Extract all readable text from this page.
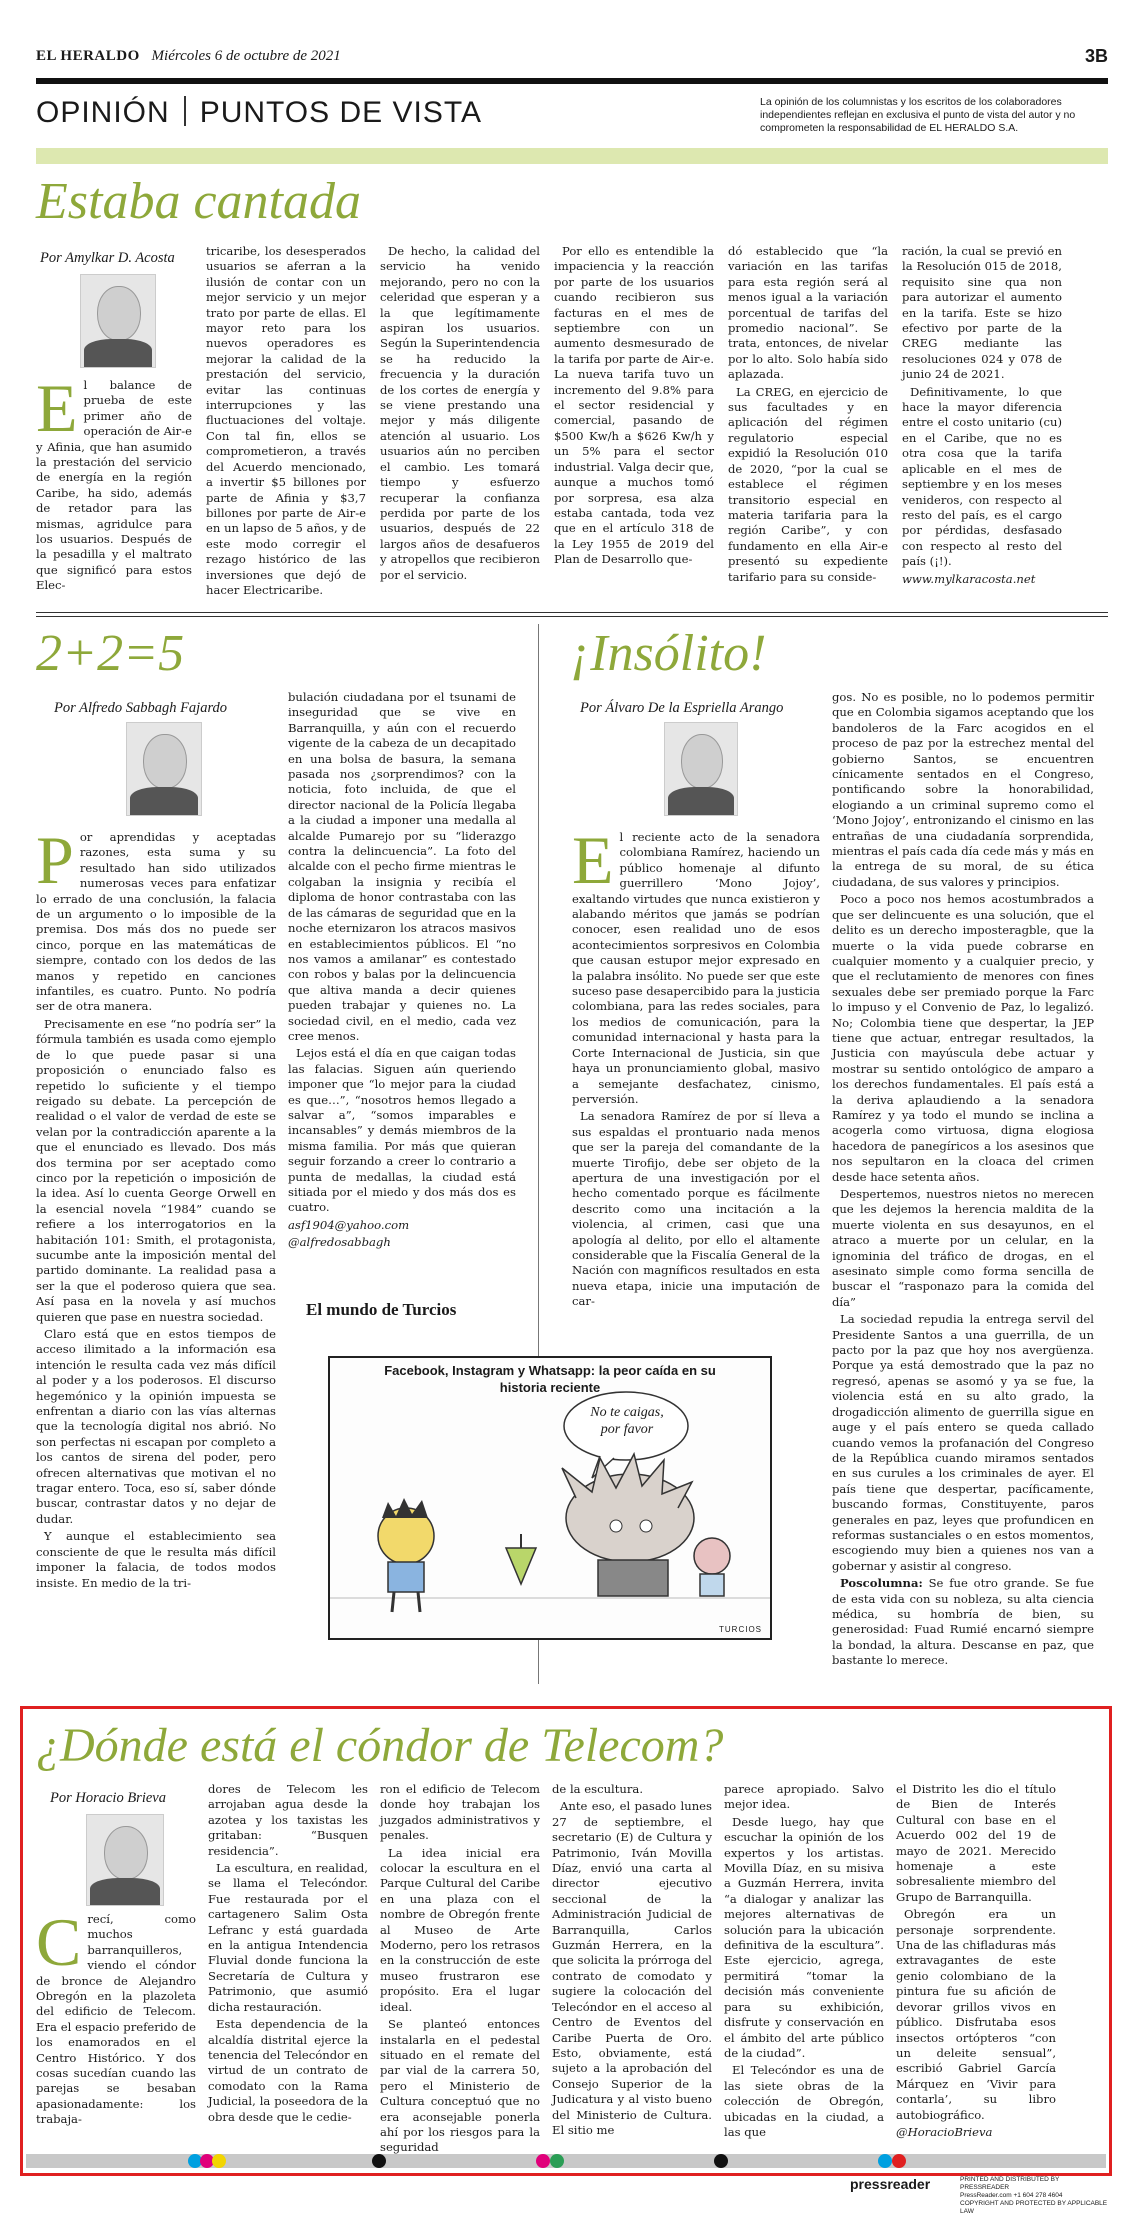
EL HERALDO Miércoles 6 de octubre de 2021	3B
OPINIÓN PUNTOS DE VISTA	La opinión de los columnistas y los escritos de los colaboradores independientes reflejan en exclusiva el punto de vista del autor y no comprometen la responsabilidad de EL HERALDO S.A.
Estaba cantada
Por Amylkar D. Acosta
E l balance de prueba de este primer año de operación de Air-e y Afinia, que han asumido la prestación del servicio de energía en la región Caribe, ha sido, además de retador para las mismas, agridulce para los usuarios. Después de la pesadilla y el maltrato que significó para estos Elec-

tricaribe, los desesperados usuarios se aferran a la ilusión de contar con un mejor servicio y un mejor trato por parte de ellas. El mayor reto para los nuevos operadores es mejorar la calidad de la prestación del servicio, evitar las continuas interrupciones y las fluctuaciones del voltaje. Con tal fin, ellos se comprometieron, a través del Acuerdo mencionado, a invertir $5 billones por parte de Afinia y $3,7 billones por parte de Air-e en un lapso de 5 años, y de este modo corregir el rezago histórico de las inversiones que dejó de hacer Electricaribe.

De hecho, la calidad del servicio ha venido mejorando, pero no con la celeridad que esperan y a la que legítimamente aspiran los usuarios. Según la Superintendencia se ha reducido la frecuencia y la duración de los cortes de energía y se viene prestando una mejor y más diligente atención al usuario. Los usuarios aún no perciben el cambio. Les tomará tiempo y esfuerzo recuperar la confianza perdida por parte de los usuarios, después de 22 largos años de desafueros y atropellos que recibieron por el servicio.

Por ello es entendible la impaciencia y la reacción por parte de los usuarios cuando recibieron sus facturas en el mes de septiembre con un aumento desmesurado de la tarifa por parte de Air-e. La nueva tarifa tuvo un incremento del 9.8% para el sector residencial y comercial, pasando de $500 Kw/h a $626 Kw/h y un 5% para el sector industrial. Valga decir que, aunque a muchos tomó por sorpresa, esa alza estaba cantada, toda vez que en el artículo 318 de la Ley 1955 de 2019 del Plan de Desarrollo que-

dó establecido que “la variación en las tarifas para esta región será al menos igual a la variación porcentual de tarifas del promedio nacional”. Se trata, entonces, de nivelar por lo alto. Solo había sido aplazada.

La CREG, en ejercicio de sus facultades y en aplicación del régimen regulatorio especial expidió la Resolución 010 de 2020, “por la cual se establece el régimen transitorio especial en materia tarifaria para la región Caribe”, y con fundamento en ella Air-e presentó su expediente tarifario para su conside-

ración, la cual se previó en la Resolución 015 de 2018, requisito sine qua non para autorizar el aumento en la tarifa. Este se hizo efectivo por parte de la CREG mediante las resoluciones 024 y 078 de junio 24 de 2021.

Definitivamente, lo que hace la mayor diferencia entre el costo unitario (cu) en el Caribe, que no es otra cosa que la tarifa aplicable en el mes de septiembre y en los meses venideros, con respecto al resto del país, es el cargo por pérdidas, desfasado con respecto al resto del país (¡!).

www.mylkaracosta.net

2+2=5
Por Alfredo Sabbagh Fajardo
P or aprendidas y aceptadas razones, esta suma y su resultado han sido utilizados numerosas veces para enfatizar lo errado de una conclusión, la falacia de un argumento o lo imposible de la premisa. Dos más dos no puede ser cinco, porque en las matemáticas de siempre, contado con los dedos de las manos y repetido en canciones infantiles, es cuatro. Punto. No podría ser de otra manera.

Precisamente en ese “no podría ser” la fórmula también es usada como ejemplo de lo que puede pasar si una proposición o enunciado falso es repetido lo suficiente y el tiempo reigado su debate. La percepción de realidad o el valor de verdad de este se velan por la contradicción aparente a la que el enunciado es llevado. Dos más dos termina por ser aceptado como cinco por la repetición o imposición de la idea. Así lo cuenta George Orwell en la esencial novela “1984” cuando se refiere a los interrogatorios en la habitación 101: Smith, el protagonista, sucumbe ante la imposición mental del partido dominante. La realidad pasa a ser la que el poderoso quiera que sea. Así pasa en la novela y así muchos quieren que pase en nuestra sociedad.

Claro está que en estos tiempos de acceso ilimitado a la información esa intención le resulta cada vez más difícil al poder y a los poderosos. El discurso hegemónico y la opinión impuesta se enfrentan a diario con las vías alternas que la tecnología digital nos abrió. No son perfectas ni escapan por completo a los cantos de sirena del poder, pero ofrecen alternativas que motivan el no tragar entero. Toca, eso sí, saber dónde buscar, contrastar datos y no dejar de dudar.

Y aunque el establecimiento sea consciente de que le resulta más difícil imponer la falacia, de todos modos insiste. En medio de la tri-

bulación ciudadana por el tsunami de inseguridad que se vive en Barranquilla, y aún con el recuerdo vigente de la cabeza de un decapitado en una bolsa de basura, la semana pasada nos ¿sorprendimos? con la noticia, foto incluida, de que el director nacional de la Policía llegaba a la ciudad a imponer una medalla al alcalde Pumarejo por su “liderazgo contra la delincuencia”. La foto del alcalde con el pecho firme mientras le colgaban la insignia y recibía el diploma de honor contrastaba con las de las cámaras de seguridad que en la noche eternizaron los atracos masivos en establecimientos públicos. El “no nos vamos a amilanar” es contestado con robos y balas por la delincuencia que altiva manda a decir quienes pueden trabajar y quienes no. La sociedad civil, en el medio, cada vez cree menos.

Lejos está el día en que caigan todas las falacias. Siguen aún queriendo imponer que “lo mejor para la ciudad es que…”, “nosotros hemos llegado a salvar a”, “somos imparables e incansables” y demás miembros de la misma familia. Por más que quieran seguir forzando a creer lo contrario a punta de medallas, la ciudad está sitiada por el miedo y dos más dos es cuatro.

asf1904@yahoo.com

@alfredosabbagh

¡Insólito!
Por Álvaro De la Espriella Arango
E l reciente acto de la senadora colombiana Ramírez, haciendo un público homenaje al difunto guerrillero ‘Mono Jojoy’, exaltando virtudes que nunca existieron y alabando méritos que jamás se podrían conocer, esen realidad uno de esos acontecimientos sorpresivos en Colombia que causan estupor mejor expresado en la palabra insólito. No puede ser que este suceso pase desapercibido para la justicia colombiana, para las redes sociales, para los medios de comunicación, para la comunidad internacional y hasta para la Corte Internacional de Justicia, sin que haya un pronunciamiento global, masivo a semejante desfachatez, cinismo, perversión.

La senadora Ramírez de por sí lleva a sus espaldas el prontuario nada menos que ser la pareja del comandante de la muerte Tirofijo, debe ser objeto de la apertura de una investigación por el hecho comentado porque es fácilmente descrito como una incitación a la violencia, al crimen, casi que una apología al delito, por ello el altamente considerable que la Fiscalía General de la Nación con magníficos resultados en esta nueva etapa, inicie una imputación de car-

gos. No es posible, no lo podemos permitir que en Colombia sigamos aceptando que los bandoleros de la Farc acogidos en el proceso de paz por la estrechez mental del gobierno Santos, se encuentren cínicamente sentados en el Congreso, pontificando sobre la honorabilidad, elogiando a un criminal supremo como el ‘Mono Jojoy’, entronizando el cinismo en las entrañas de una ciudadanía sorprendida, mientras el país cada día cede más y más en la entrega de su moral, de su ética ciudadana, de sus valores y principios.

Poco a poco nos hemos acostumbrados a que ser delincuente es una solución, que el delito es un derecho imposteragble, que la muerte o la vida puede cobrarse en cualquier momento y a cualquier precio, y que el reclutamiento de menores con fines sexuales debe ser premiado porque la Farc lo impuso y el Convenio de Paz, lo legalizó. No; Colombia tiene que despertar, la JEP tiene que actuar, entregar resultados, la Justicia con mayúscula debe actuar y mostrar su sentido ontológico de amparo a los derechos fundamentales. El país está a la deriva aplaudiendo a la senadora Ramírez y ya todo el mundo se inclina a acogerla como virtuosa, digna elogiosa hacedora de panegíricos a los asesinos que nos sepultaron en la cloaca del crimen desde hace setenta años.

Despertemos, nuestros nietos no merecen que les dejemos la herencia maldita de la muerte violenta en sus desayunos, en el atraco a muerte por un celular, en la ignominia del tráfico de drogas, en el asesinato simple como forma sencilla de buscar el “rasponazo para la comida del día”

La sociedad repudia la entrega servil del Presidente Santos a una guerrilla, de un pacto por la paz que hoy nos avergüenza. Porque ya está demostrado que la paz no regresó, apenas se asomó y ya se fue, la violencia está en su alto grado, la drogadicción alimento de guerrilla sigue en auge y el país entero se queda callado cuando vemos la profanación del Congreso de la República cuando miramos sentados en sus curules a los criminales de ayer. El país tiene que despertar, pacíficamente, buscando formas, Constituyente, paros generales en paz, leyes que profundicen en reformas sustanciales o en estos momentos, escogiendo muy bien a quienes nos van a gobernar y asistir al congreso.

Poscolumna: Se fue otro grande. Se fue de esta vida con su nobleza, su alta ciencia médica, su hombría de bien, su generosidad: Fuad Rumié encarnó siempre la bondad, la altura. Descanse en paz, que bastante lo merece.

El mundo de Turcios
Facebook, Instagram y Whatsapp: la peor caída en su
historia reciente
No te caigas,
por favor
TURCIOS
¿Dónde está el cóndor de Telecom?
Por Horacio Brieva
C recí, como muchos barranquilleros, viendo el cóndor de bronce de Alejandro Obregón en la plazoleta del edificio de Telecom. Era el espacio preferido de los enamorados en el Centro Histórico. Y dos cosas sucedían cuando las parejas se besaban apasionadamente: los trabaja-

dores de Telecom les arrojaban agua desde la azotea y los taxistas les gritaban: “Busquen residencia”.

La escultura, en realidad, se llama el Telecóndor. Fue restaurada por el cartagenero Salim Osta Lefranc y está guardada en la antigua Intendencia Fluvial donde funciona la Secretaría de Cultura y Patrimonio, que asumió dicha restauración.

Esta dependencia de la alcaldía distrital ejerce la tenencia del Telecóndor en virtud de un contrato de comodato con la Rama Judicial, la poseedora de la obra desde que le cedie-

ron el edificio de Telecom donde hoy trabajan los juzgados administrativos y penales.

La idea inicial era colocar la escultura en el Parque Cultural del Caribe en una plaza con el nombre de Obregón frente al Museo de Arte Moderno, pero los retrasos en la construcción de este museo frustraron ese propósito. Era el lugar ideal.

Se planteó entonces instalarla en el pedestal situado en el remate del par vial de la carrera 50, pero el Ministerio de Cultura conceptuó que no era aconsejable ponerla ahí por los riesgos para la seguridad

de la escultura.

Ante eso, el pasado lunes 27 de septiembre, el secretario (E) de Cultura y Patrimonio, Iván Movilla Díaz, envió una carta al director ejecutivo seccional de la Administración Judicial de Barranquilla, Carlos Guzmán Herrera, en la que solicita la prórroga del contrato de comodato y sugiere la colocación del Telecóndor en el acceso al Centro de Eventos del Caribe Puerta de Oro. Esto, obviamente, está sujeto a la aprobación del Consejo Superior de la Judicatura y al visto bueno del Ministerio de Cultura. El sitio me

parece apropiado. Salvo mejor idea.

Desde luego, hay que escuchar la opinión de los expertos y los artistas. Movilla Díaz, en su misiva a Guzmán Herrera, invita “a dialogar y analizar las mejores alternativas de solución para la ubicación definitiva de la escultura”. Este ejercicio, agrega, permitirá “tomar la decisión más conveniente para su exhibición, disfrute y conservación en el ámbito del arte público de la ciudad”.

El Telecóndor es una de las siete obras de la colección de Obregón, ubicadas en la ciudad, a las que

el Distrito les dio el título de Bien de Interés Cultural con base en el Acuerdo 002 del 19 de mayo de 2021. Merecido homenaje a este sobresaliente miembro del Grupo de Barranquilla.

Obregón era un personaje sorprendente. Una de las chifladuras más extravagantes de este genio colombiano de la pintura fue su afición de devorar grillos vivos en público. Disfrutaba esos insectos ortópteros “con un deleite sensual”, escribió Gabriel García Márquez en ‘Vivir para contarla’, su libro autobiográfico.

@HoracioBrieva

pressreader	PRINTED AND DISTRIBUTED BY PRESSREADER
PressReader.com +1 604 278 4604
COPYRIGHT AND PROTECTED BY APPLICABLE LAW
